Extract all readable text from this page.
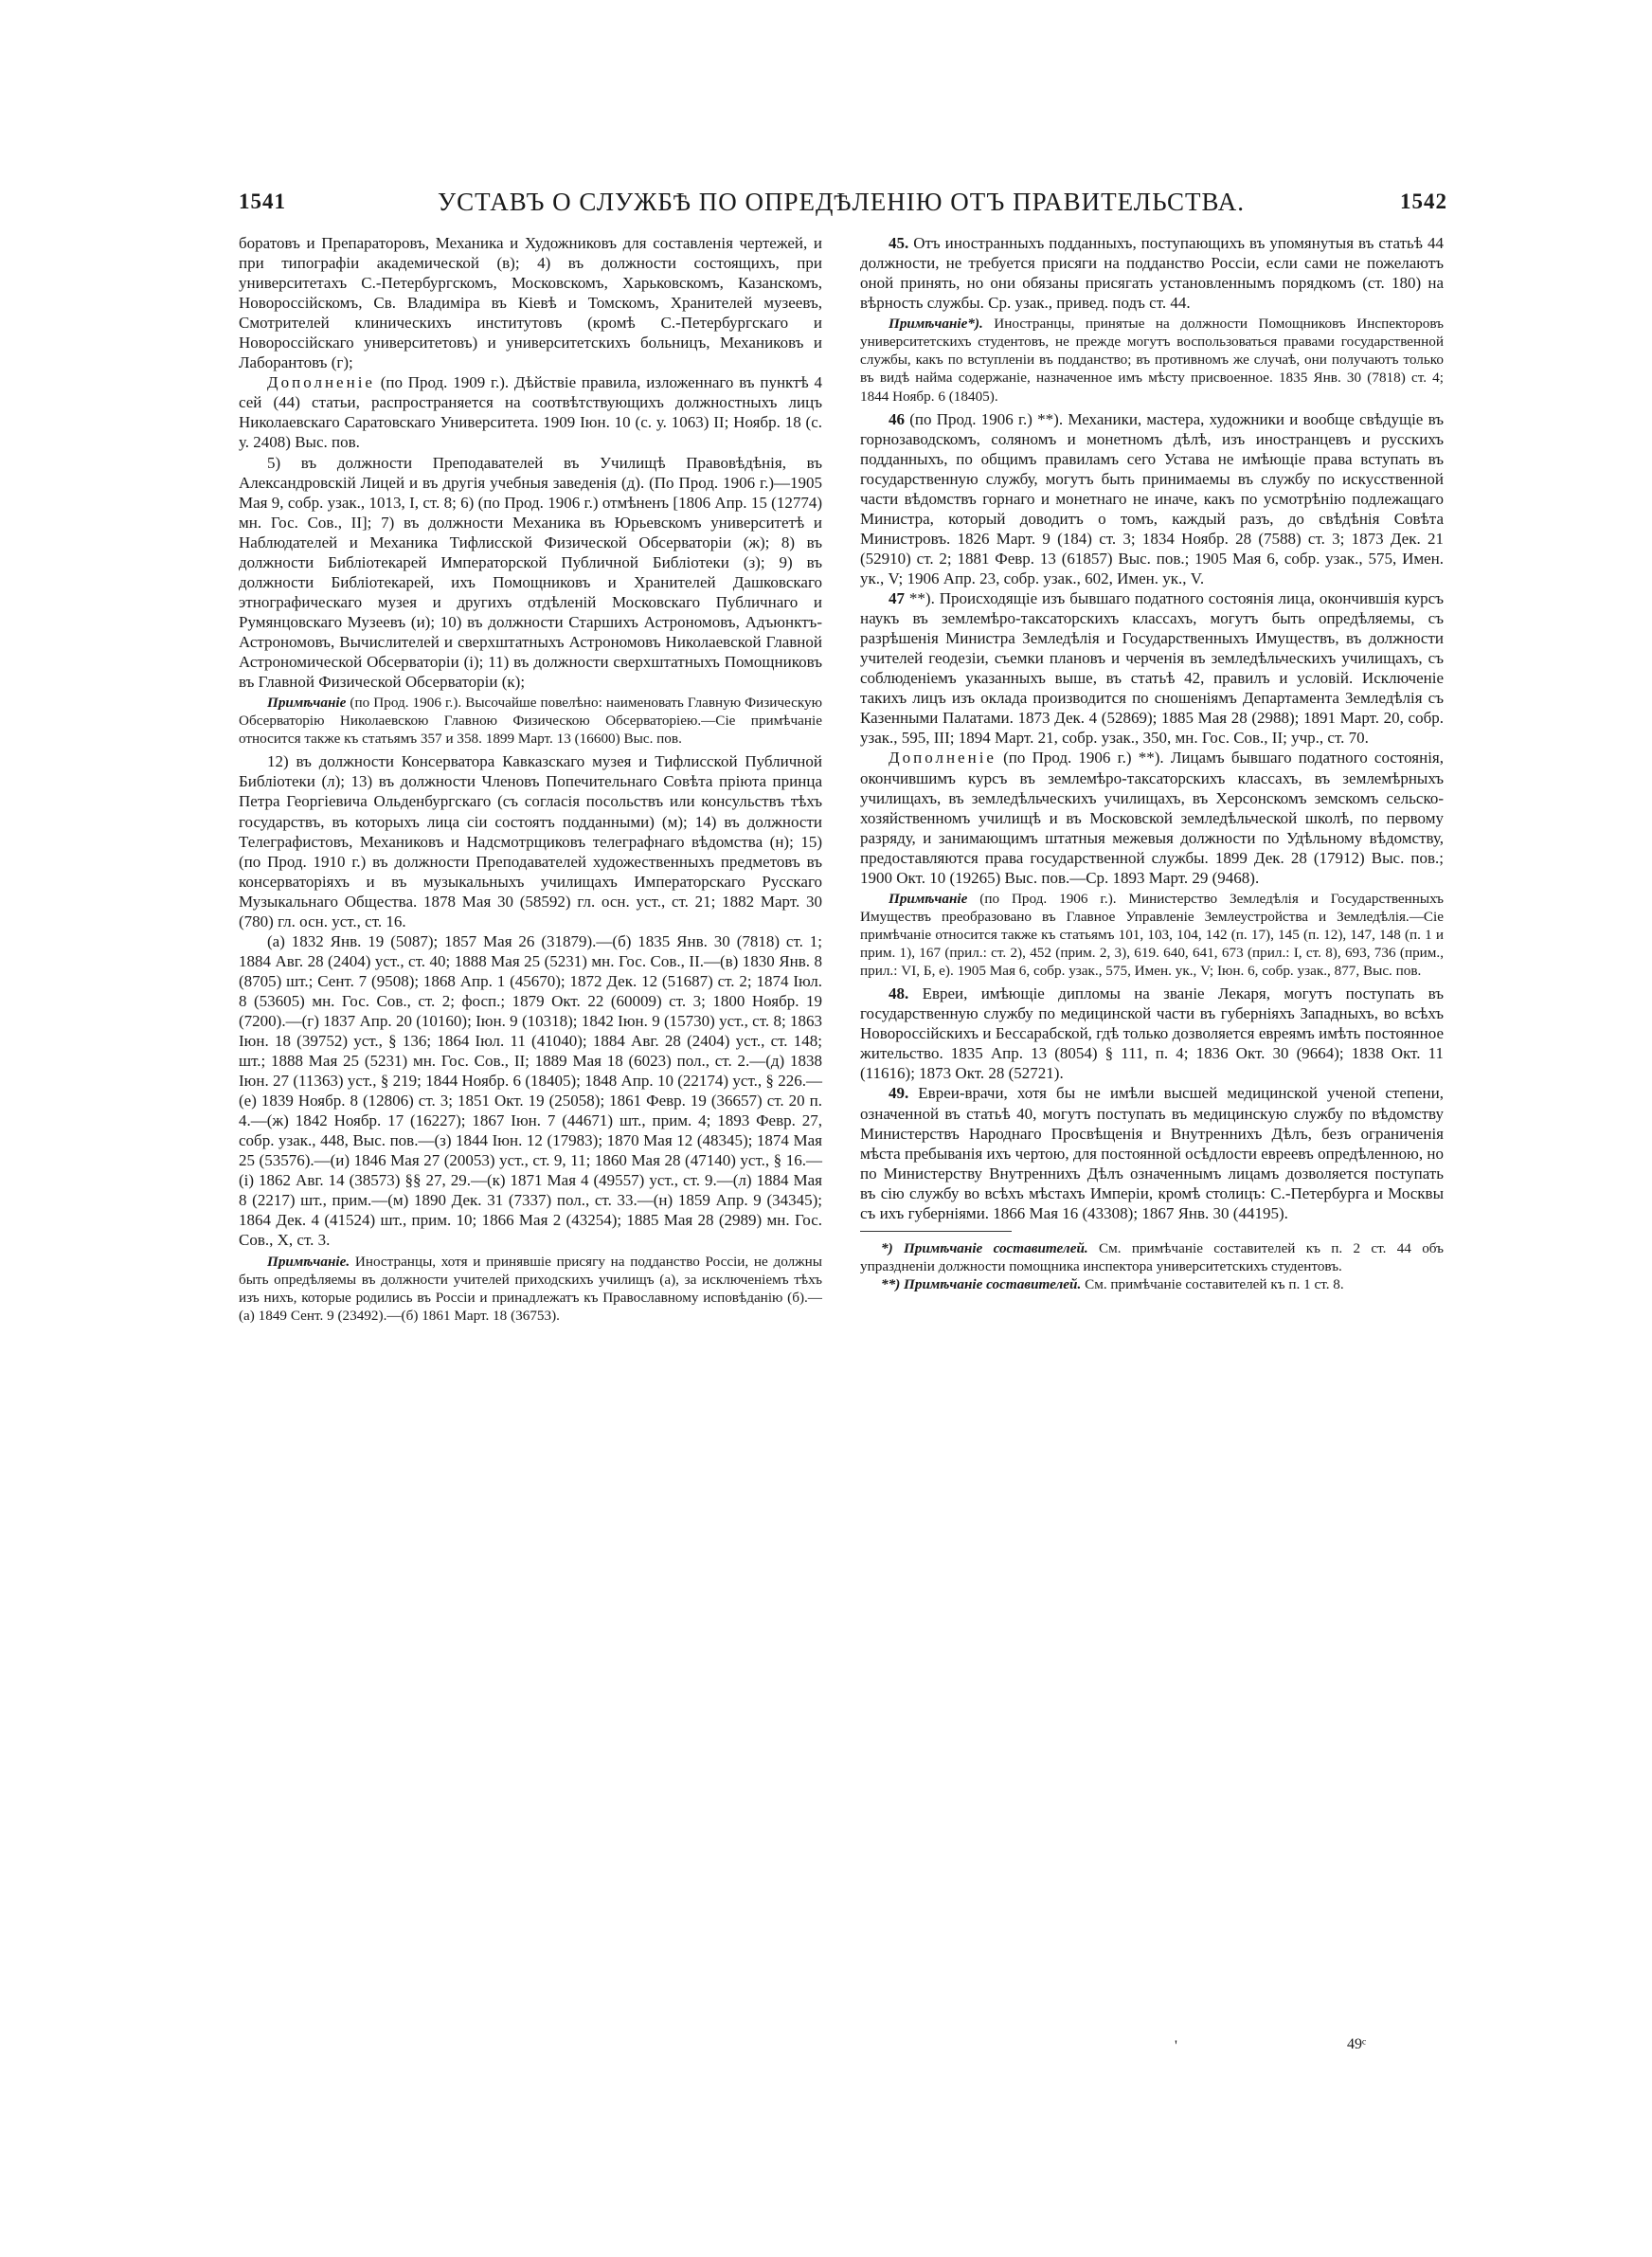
1541	УСТАВЪ О СЛУЖБѢ ПО ОПРЕДѢЛЕНІЮ ОТЪ ПРАВИТЕЛЬСТВА.	1542

боратовъ и Препараторовъ, Механика и Художниковъ для составленія чертежей, и при типографіи академической (в); 4) въ должности состоящихъ, при университетахъ С.-Петербургскомъ, Московскомъ, Харьковскомъ, Казанскомъ, Новороссійскомъ, Св. Владиміра въ Кіевѣ и Томскомъ, Хранителей музеевъ, Смотрителей клиническихъ институтовъ (кромѣ С.-Петербургскаго и Новороссійскаго университетовъ) и университетскихъ больницъ, Механиковъ и Лаборантовъ (г);

Дополненіе (по Прод. 1909 г.). Дѣйствіе правила, изложеннаго въ пунктѣ 4 сей (44) статьи, распространяется на соотвѣтствующихъ должностныхъ лицъ Николаевскаго Саратовскаго Университета. 1909 Іюн. 10 (с. у. 1063) II; Ноябр. 18 (с. у. 2408) Выс. пов.

5) въ должности Преподавателей въ Училищѣ Правовѣдѣнія, въ Александровскій Лицей и въ другія учебныя заведенія (д). (По Прод. 1906 г.)—1905 Мая 9, собр. узак., 1013, I, ст. 8; 6) (по Прод. 1906 г.) отмѣненъ [1806 Апр. 15 (12774) мн. Гос. Сов., II]; 7) въ должности Механика въ Юрьевскомъ университетѣ и Наблюдателей и Механика Тифлисской Физической Обсерваторіи (ж); 8) въ должности Библіотекарей Императорской Публичной Библіотеки (з); 9) въ должности Библіотекарей, ихъ Помощниковъ и Хранителей Дашковскаго этнографическаго музея и другихъ отдѣленій Московскаго Публичнаго и Румянцовскаго Музеевъ (и); 10) въ должности Старшихъ Астрономовъ, Адъюнктъ-Астрономовъ, Вычислителей и сверхштатныхъ Астрономовъ Николаевской Главной Астрономической Обсерваторіи (і); 11) въ должности сверхштатныхъ Помощниковъ въ Главной Физической Обсерваторіи (к);

Примѣчаніе (по Прод. 1906 г.). Высочайше повелѣно: наименовать Главную Физическую Обсерваторію Николаевскою Главною Физическою Обсерваторіею.—Сіе примѣчаніе относится также къ статьямъ 357 и 358. 1899 Март. 13 (16600) Выс. пов.

12) въ должности Консерватора Кавказскаго музея и Тифлисской Публичной Библіотеки (л); 13) въ должности Членовъ Попечительнаго Совѣта пріюта принца Петра Георгіевича Ольденбургскаго (съ согласія посольствъ или консульствъ тѣхъ государствъ, въ которыхъ лица сіи состоятъ подданными) (м); 14) въ должности Телеграфистовъ, Механиковъ и Надсмотрщиковъ телеграфнаго вѣдомства (н); 15) (по Прод. 1910 г.) въ должности Преподавателей художественныхъ предметовъ въ консерваторіяхъ и въ музыкальныхъ училищахъ Императорскаго Русскаго Музыкальнаго Общества. 1878 Мая 30 (58592) гл. осн. уст., ст. 21; 1882 Март. 30 (780) гл. осн. уст., ст. 16.

(а) 1832 Янв. 19 (5087); 1857 Мая 26 (31879).—(б) 1835 Янв. 30 (7818) ст. 1; 1884 Авг. 28 (2404) уст., ст. 40; 1888 Мая 25 (5231) мн. Гос. Сов., II.—(в) 1830 Янв. 8 (8705) шт.; Сент. 7 (9508); 1868 Апр. 1 (45670); 1872 Дек. 12 (51687) ст. 2; 1874 Іюл. 8 (53605) мн. Гос. Сов., ст. 2; фосп.; 1879 Окт. 22 (60009) ст. 3; 1800 Ноябр. 19 (7200).—(г) 1837 Апр. 20 (10160); Іюн. 9 (10318); 1842 Іюн. 9 (15730) уст., ст. 8; 1863 Іюн. 18 (39752) уст., § 136; 1864 Іюл. 11 (41040); 1884 Авг. 28 (2404) уст., ст. 148; шт.; 1888 Мая 25 (5231) мн. Гос. Сов., II; 1889 Мая 18 (6023) пол., ст. 2.—(д) 1838 Іюн. 27 (11363) уст., § 219; 1844 Ноябр. 6 (18405); 1848 Апр. 10 (22174) уст., § 226.—(е) 1839 Ноябр. 8 (12806) ст. 3; 1851 Окт. 19 (25058); 1861 Февр. 19 (36657) ст. 20 п. 4.—(ж) 1842 Ноябр. 17 (16227); 1867 Іюн. 7 (44671) шт., прим. 4; 1893 Февр. 27, собр. узак., 448, Выс. пов.—(з) 1844 Іюн. 12 (17983); 1870 Мая 12 (48345); 1874 Мая 25 (53576).—(и) 1846 Мая 27 (20053) уст., ст. 9, 11; 1860 Мая 28 (47140) уст., § 16.—(і) 1862 Авг. 14 (38573) §§ 27, 29.—(к) 1871 Мая 4 (49557) уст., ст. 9.—(л) 1884 Мая 8 (2217) шт., прим.—(м) 1890 Дек. 31 (7337) пол., ст. 33.—(н) 1859 Апр. 9 (34345); 1864 Дек. 4 (41524) шт., прим. 10; 1866 Мая 2 (43254); 1885 Мая 28 (2989) мн. Гос. Сов., X, ст. 3.

Примѣчаніе. Иностранцы, хотя и принявшіе присягу на подданство Россіи, не должны быть опредѣляемы въ должности учителей приходскихъ училищъ (а), за исключеніемъ тѣхъ изъ нихъ, которые родились въ Россіи и принадлежатъ къ Православному исповѣданію (б).—(а) 1849 Сент. 9 (23492).—(б) 1861 Март. 18 (36753).

45. Отъ иностранныхъ подданныхъ, поступающихъ въ упомянутыя въ статьѣ 44 должности, не требуется присяги на подданство Россіи, если сами не пожелаютъ оной принять, но они обязаны присягать установленнымъ порядкомъ (ст. 180) на вѣрность службы. Ср. узак., привед. подъ ст. 44.

Примѣчаніе*). Иностранцы, принятые на должности Помощниковъ Инспекторовъ университетскихъ студентовъ, не прежде могутъ воспользоваться правами государственной службы, какъ по вступленіи въ подданство; въ противномъ же случаѣ, они получаютъ только въ видѣ найма содержаніе, назначенное имъ мѣсту присвоенное. 1835 Янв. 30 (7818) ст. 4; 1844 Ноябр. 6 (18405).

46 (по Прод. 1906 г.) **). Механики, мастера, художники и вообще свѣдущіе въ горнозаводскомъ, соляномъ и монетномъ дѣлѣ, изъ иностранцевъ и русскихъ подданныхъ, по общимъ правиламъ сего Устава не имѣющіе права вступать въ государственную службу, могутъ быть принимаемы въ службу по искусственной части вѣдомствъ горнаго и монетнаго не иначе, какъ по усмотрѣнію подлежащаго Министра, который доводитъ о томъ, каждый разъ, до свѣдѣнія Совѣта Министровъ. 1826 Март. 9 (184) ст. 3; 1834 Ноябр. 28 (7588) ст. 3; 1873 Дек. 21 (52910) ст. 2; 1881 Февр. 13 (61857) Выс. пов.; 1905 Мая 6, собр. узак., 575, Имен. ук., V; 1906 Апр. 23, собр. узак., 602, Имен. ук., V.

47 **). Происходящіе изъ бывшаго податного состоянія лица, окончившія курсъ наукъ въ землемѣро-таксаторскихъ классахъ, могутъ быть опредѣляемы, съ разрѣшенія Министра Земледѣлія и Государственныхъ Имуществъ, въ должности учителей геодезіи, съемки плановъ и черченія въ земледѣльческихъ училищахъ, съ соблюденіемъ указанныхъ выше, въ статьѣ 42, правилъ и условій. Исключеніе такихъ лицъ изъ оклада производится по сношеніямъ Департамента Земледѣлія съ Казенными Палатами. 1873 Дек. 4 (52869); 1885 Мая 28 (2988); 1891 Март. 20, собр. узак., 595, III; 1894 Март. 21, собр. узак., 350, мн. Гос. Сов., II; учр., ст. 70.

Дополненіе (по Прод. 1906 г.) **). Лицамъ бывшаго податного состоянія, окончившимъ курсъ въ землемѣро-таксаторскихъ классахъ, въ землемѣрныхъ училищахъ, въ земледѣльческихъ училищахъ, въ Херсонскомъ земскомъ сельско-хозяйственномъ училищѣ и въ Московской земледѣльческой школѣ, по первому разряду, и занимающимъ штатныя межевыя должности по Удѣльному вѣдомству, предоставляются права государственной службы. 1899 Дек. 28 (17912) Выс. пов.; 1900 Окт. 10 (19265) Выс. пов.—Ср. 1893 Март. 29 (9468).

Примѣчаніе (по Прод. 1906 г.). Министерство Земледѣлія и Государственныхъ Имуществъ преобразовано въ Главное Управленіе Землеустройства и Земледѣлія.—Сіе примѣчаніе относится также къ статьямъ 101, 103, 104, 142 (п. 17), 145 (п. 12), 147, 148 (п. 1 и прим. 1), 167 (прил.: ст. 2), 452 (прим. 2, 3), 619. 640, 641, 673 (прил.: I, ст. 8), 693, 736 (прим., прил.: VI, Б, е). 1905 Мая 6, собр. узак., 575, Имен. ук., V; Іюн. 6, собр. узак., 877, Выс. пов.

48. Евреи, имѣющіе дипломы на званіе Лекаря, могутъ поступать въ государственную службу по медицинской части въ губерніяхъ Западныхъ, во всѣхъ Новороссійскихъ и Бессарабской, гдѣ только дозволяется евреямъ имѣть постоянное жительство. 1835 Апр. 13 (8054) § 111, п. 4; 1836 Окт. 30 (9664); 1838 Окт. 11 (11616); 1873 Окт. 28 (52721).

49. Евреи-врачи, хотя бы не имѣли высшей медицинской ученой степени, означенной въ статьѣ 40, могутъ поступать въ медицинскую службу по вѣдомству Министерствъ Народнаго Просвѣщенія и Внутреннихъ Дѣлъ, безъ ограниченія мѣста пребыванія ихъ чертою, для постоянной осѣдлости евреевъ опредѣленною, но по Министерству Внутреннихъ Дѣлъ означеннымъ лицамъ дозволяется поступать въ сію службу во всѣхъ мѣстахъ Имперіи, кромѣ столицъ: С.-Петербурга и Москвы съ ихъ губерніями. 1866 Мая 16 (43308); 1867 Янв. 30 (44195).

*) Примѣчаніе составителей. См. примѣчаніе составителей къ п. 2 ст. 44 объ упраздненіи должности помощника инспектора университетскихъ студентовъ.

**) Примѣчаніе составителей. См. примѣчаніе составителей къ п. 1 ст. 8.

'	49ᶜ
